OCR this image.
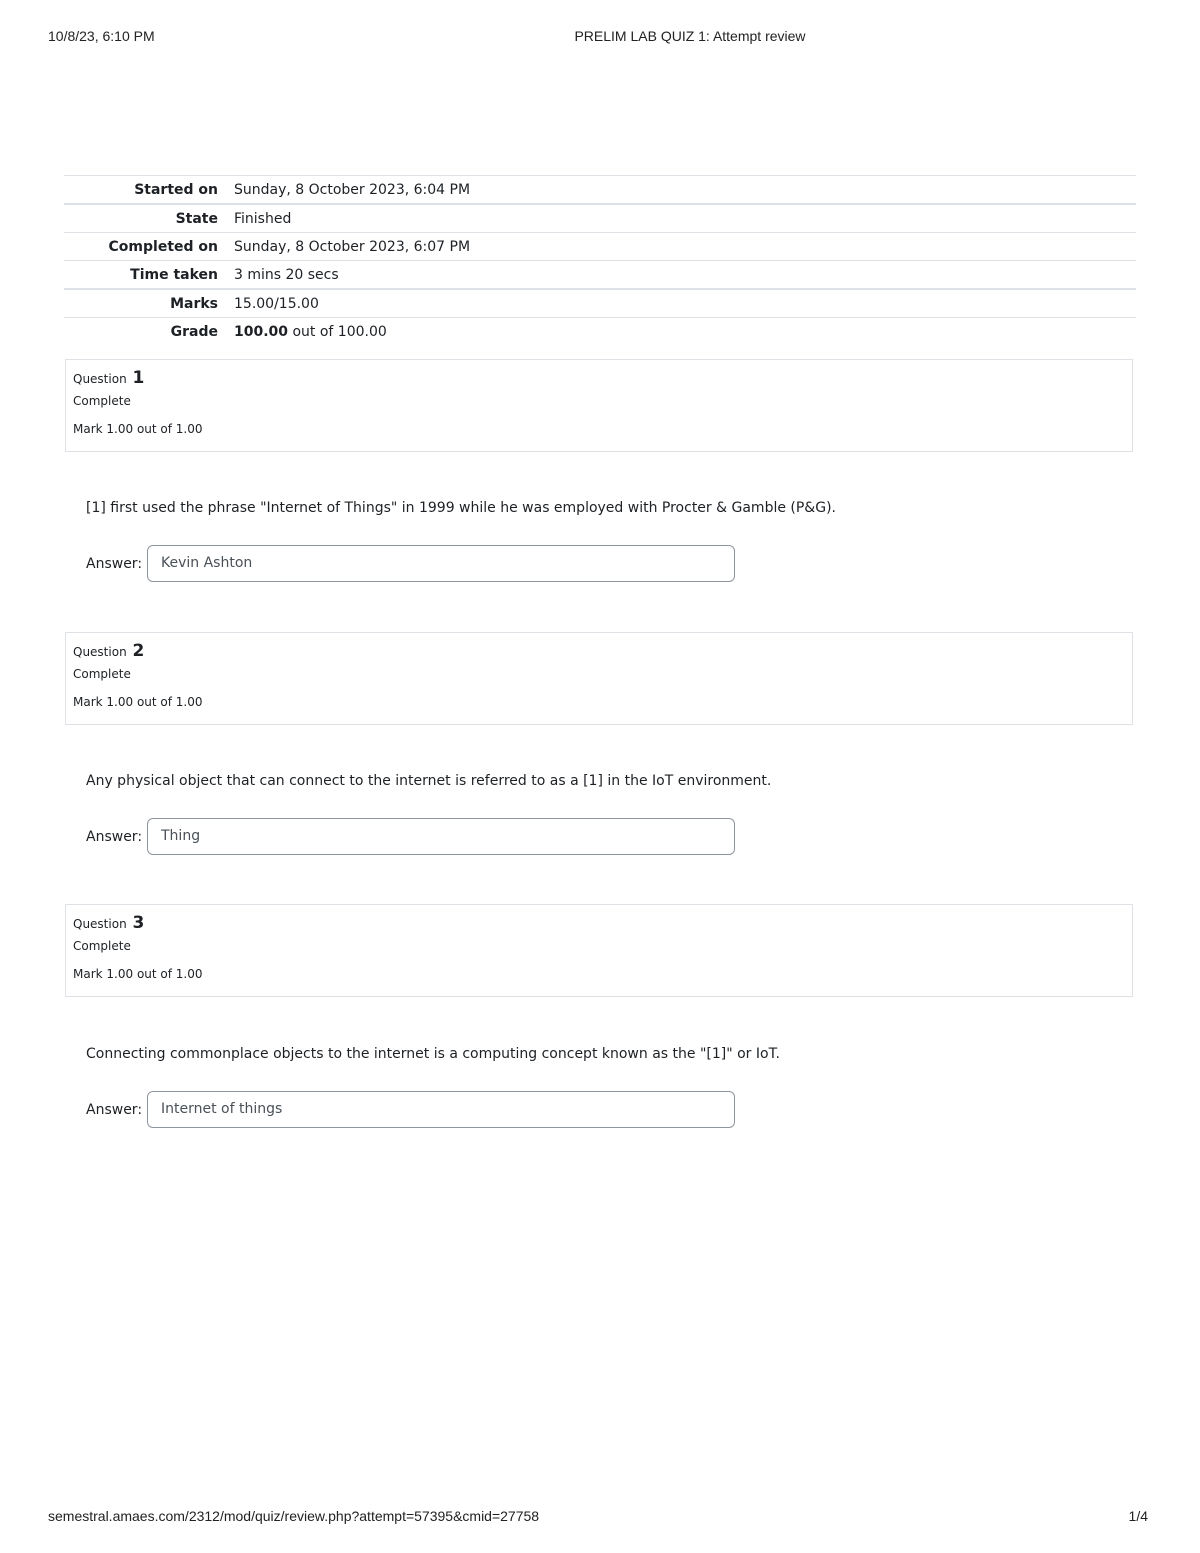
10/8/23, 6:10 PM	PRELIM LAB QUIZ 1: Attempt review
Started on	Sunday, 8 October 2023, 6:04 PM
State	Finished
Completed on	Sunday, 8 October 2023, 6:07 PM
Time taken	3 mins 20 secs
Marks	15.00/15.00
Grade	100.00 out of 100.00
Question 1
Complete
Mark 1.00 out of 1.00
[1] first used the phrase "Internet of Things" in 1999 while he was employed with Procter & Gamble (P&G).
Answer:	Kevin Ashton
Question 2
Complete
Mark 1.00 out of 1.00
Any physical object that can connect to the internet is referred to as a [1] in the IoT environment.
Answer:	Thing
Question 3
Complete
Mark 1.00 out of 1.00
Connecting commonplace objects to the internet is a computing concept known as the "[1]" or IoT.
Answer:	Internet of things
semestral.amaes.com/2312/mod/quiz/review.php?attempt=57395&cmid=27758	1/4
